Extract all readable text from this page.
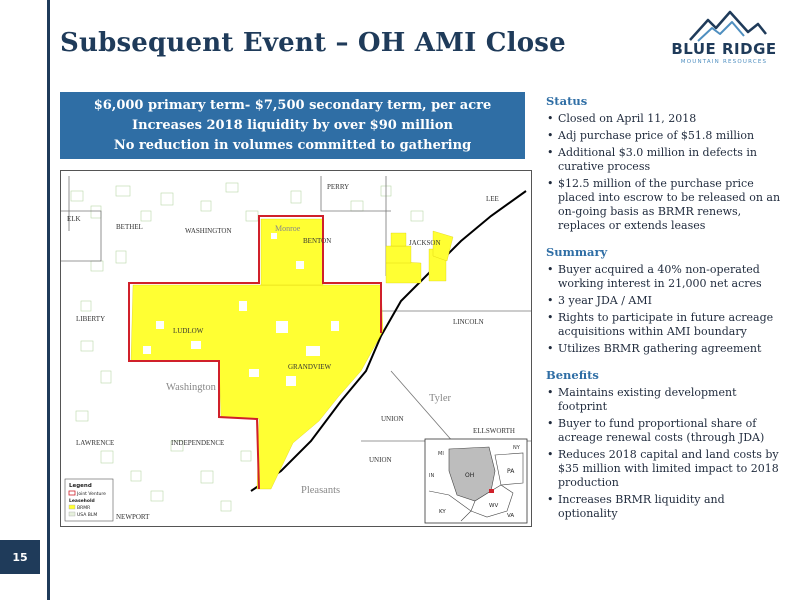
15
Subsequent Event – OH AMI Close	BLUE RIDGE
MOUNTAIN RESOURCES
$6,000 primary term- $7,500 secondary term, per acre
Increases 2018 liquidity by over $90 million
No reduction in volumes committed to gathering
PERRY
LEE
ELK
BETHEL	WASHINGTON	Monroe
BENTON	JACKSON
LIBERTY
LUDLOW
LINCOLN
GRANDVIEW
Washington
Tyler
UNION
LAWRENCE	INDEPENDENCE
UNION
ELLSWORTH
Pleasants
NEWPORT
Legend
Joint Venture
Leasehold
BRMR
USA BLM
MI
NY
OH
PA
IN
WV
KY
VA
Status
• Closed on April 11, 2018
• Adj purchase price of $51.8 million
• Additional $3.0 million in defects in curative process
• $12.5 million of the purchase price placed into escrow to be released on an on-going basis as BRMR renews, replaces or extends leases
Summary
• Buyer acquired a 40% non-operated working interest in 21,000 net acres
• 3 year JDA / AMI
• Rights to participate in future acreage acquisitions within AMI boundary
• Utilizes BRMR gathering agreement
Benefits
• Maintains existing development footprint
• Buyer to fund proportional share of acreage renewal costs (through JDA)
• Reduces 2018 capital and land costs by $35 million with limited impact to 2018 production
• Increases BRMR liquidity and optionality
